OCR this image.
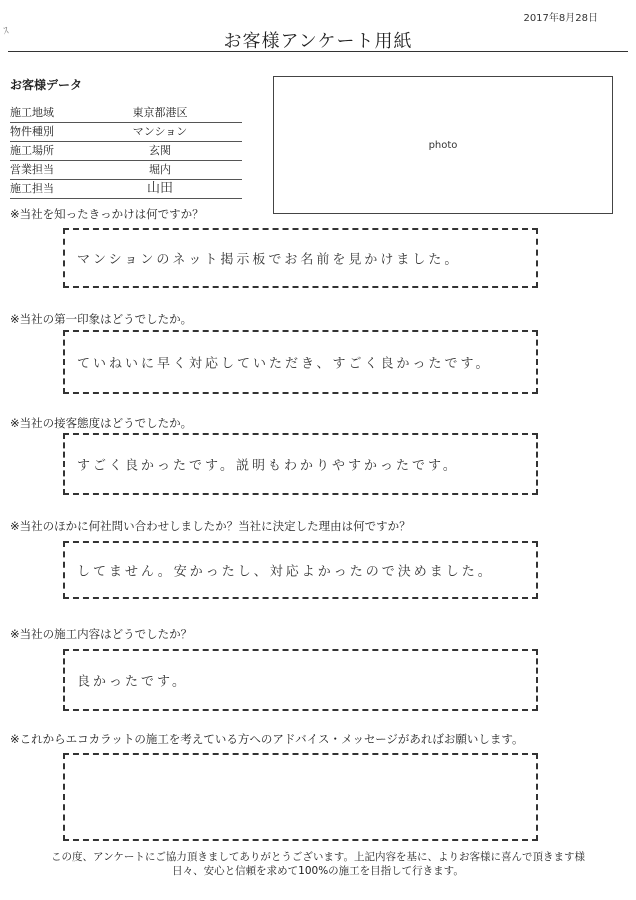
ｽ
2017年8月28日
お客様アンケート用紙
お客様データ
施工地域	東京都港区
物件種別	マンション
施工場所	玄関
営業担当	堀内
施工担当	山田
photo
※当社を知ったきっかけは何ですか？
マンションのネット掲示板でお名前を見かけました。
※当社の第一印象はどうでしたか。
ていねいに早く対応していただき、すごく良かったです。
※当社の接客態度はどうでしたか。
すごく良かったです。説明もわかりやすかったです。
※当社のほかに何社問い合わせしましたか？当社に決定した理由は何ですか？
してません。安かったし、対応よかったので決めました。
※当社の施工内容はどうでしたか？
良かったです。
※これからエコカラットの施工を考えている方へのアドバイス・メッセージがあればお願いします。
この度、アンケートにご協力頂きましてありがとうございます。上記内容を基に、よりお客様に喜んで頂きます様
日々、安心と信頼を求めて100%の施工を目指して行きます。
